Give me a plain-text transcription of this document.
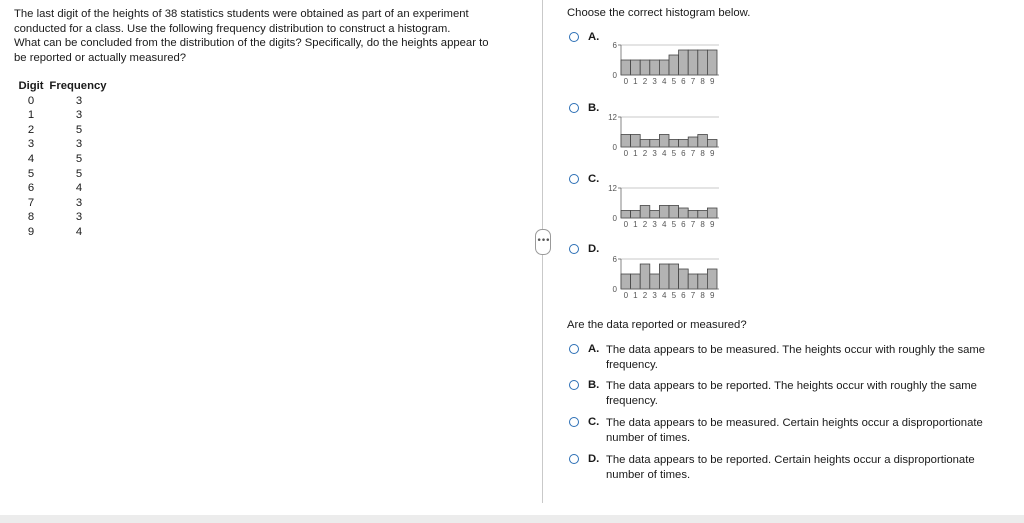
The last digit of the heights of 38 statistics students were obtained as part of an experiment
conducted for a class. Use the following frequency distribution to construct a histogram.
What can be concluded from the distribution of the digits? Specifically, do the heights appear to
be reported or actually measured?
Digit	Frequency
0	3
1	3
2	5
3	3
4	5
5	5
6	4
7	3
8	3
9	4
•••
Choose the correct histogram below.
A.
6
0
0 1 2 3 4 5 6 7 8 9
B.
12
0
0 1 2 3 4 5 6 7 8 9
C.
12
0
0 1 2 3 4 5 6 7 8 9
D.
6
0
0 1 2 3 4 5 6 7 8 9
Are the data reported or measured?
A. The data appears to be measured. The heights occur with roughly the same frequency.
B. The data appears to be reported. The heights occur with roughly the same frequency.
C. The data appears to be measured. Certain heights occur a disproportionate number of times.
D. The data appears to be reported. Certain heights occur a disproportionate number of times.
